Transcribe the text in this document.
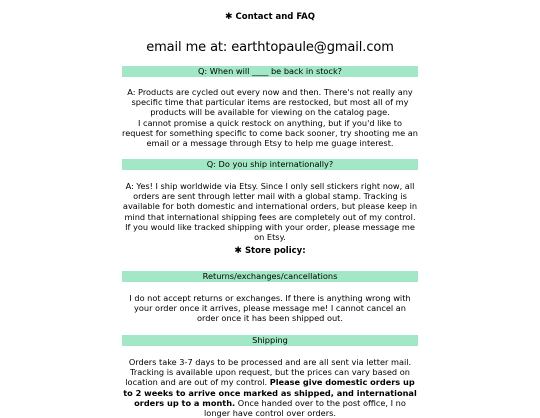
✱ Contact and FAQ
email me at: earthtopaule@gmail.com
Q: When will ____ be back in stock?
A: Products are cycled out every now and then. There's not really any specific time that particular items are restocked, but most all of my products will be available for viewing on the catalog page.
I cannot promise a quick restock on anything, but if you'd like to request for something specific to come back sooner, try shooting me an email or a message through Etsy to help me guage interest.
Q: Do you ship internationally?
A: Yes! I ship worldwide via Etsy. Since I only sell stickers right now, all orders are sent through letter mail with a global stamp. Tracking is available for both domestic and international orders, but please keep in mind that international shipping fees are completely out of my control. If you would like tracked shipping with your order, please message me on Etsy.
✱ Store policy:
Returns/exchanges/cancellations
I do not accept returns or exchanges. If there is anything wrong with your order once it arrives, please message me! I cannot cancel an order once it has been shipped out.
Shipping
Orders take 3-7 days to be processed and are all sent via letter mail. Tracking is available upon request, but the prices can vary based on location and are out of my control. Please give domestic orders up to 2 weeks to arrive once marked as shipped, and international orders up to a month. Once handed over to the post office, I no longer have control over orders.
